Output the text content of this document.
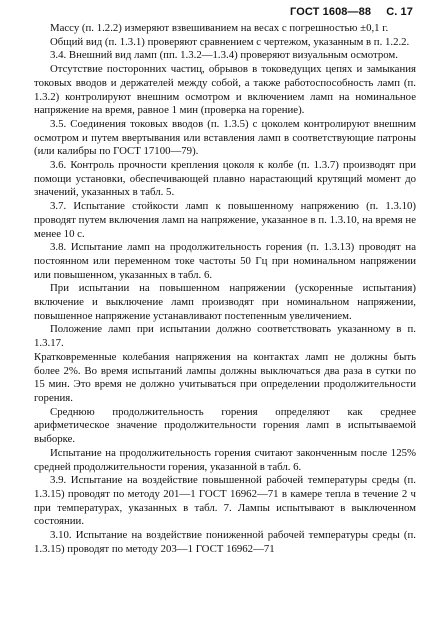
ГОСТ 1608—88 С. 17

Массу (п. 1.2.2) измеряют взвешиванием на весах с погрешностью ±0,1 г.

Общий вид (п. 1.3.1) проверяют сравнением с чертежом, указанным в п. 1.2.2.

3.4. Внешний вид ламп (пп. 1.3.2—1.3.4) проверяют визуальным осмотром.

Отсутствие посторонних частиц, обрывов в токоведущих цепях и замыкания токовых вводов и держателей между собой, а также работоспособность ламп (п. 1.3.2) контролируют внешним осмотром и включением ламп на номинальное напряжение на время, равное 1 мин (проверка на горение).

3.5. Соединения токовых вводов (п. 1.3.5) с цоколем контролируют внешним осмотром и путем ввертывания или вставления ламп в соответствующие патроны (или калибры по ГОСТ 17100—79).

3.6. Контроль прочности крепления цоколя к колбе (п. 1.3.7) производят при помощи установки, обеспечивающей плавно нарастающий крутящий момент до значений, указанных в табл. 5.

3.7. Испытание стойкости ламп к повышенному напряжению (п. 1.3.10) проводят путем включения ламп на напряжение, указанное в п. 1.3.10, на время не менее 10 с.

3.8. Испытание ламп на продолжительность горения (п. 1.3.13) проводят на постоянном или переменном токе частоты 50 Гц при номинальном напряжении или повышенном, указанных в табл. 6.

При испытании на повышенном напряжении (ускоренные испытания) включение и выключение ламп производят при номинальном напряжении, повышенное напряжение устанавливают постепенным увеличением.

Положение ламп при испытании должно соответствовать указанному в п. 1.3.17.

Кратковременные колебания напряжения на контактах ламп не должны быть более 2%. Во время испытаний лампы должны выключаться два раза в сутки по 15 мин. Это время не должно учитываться при определении продолжительности горения.

Среднюю продолжительность горения определяют как среднее арифметическое значение продолжительности горения ламп в испытываемой выборке.

Испытание на продолжительность горения считают законченным после 125% средней продолжительности горения, указанной в табл. 6.

3.9. Испытание на воздействие повышенной рабочей температуры среды (п. 1.3.15) проводят по методу 201—1 ГОСТ 16962—71 в камере тепла в течение 2 ч при температурах, указанных в табл. 7. Лампы испытывают в выключенном состоянии.

3.10. Испытание на воздействие пониженной рабочей температуры среды (п. 1.3.15) проводят по методу 203—1 ГОСТ 16962—71
